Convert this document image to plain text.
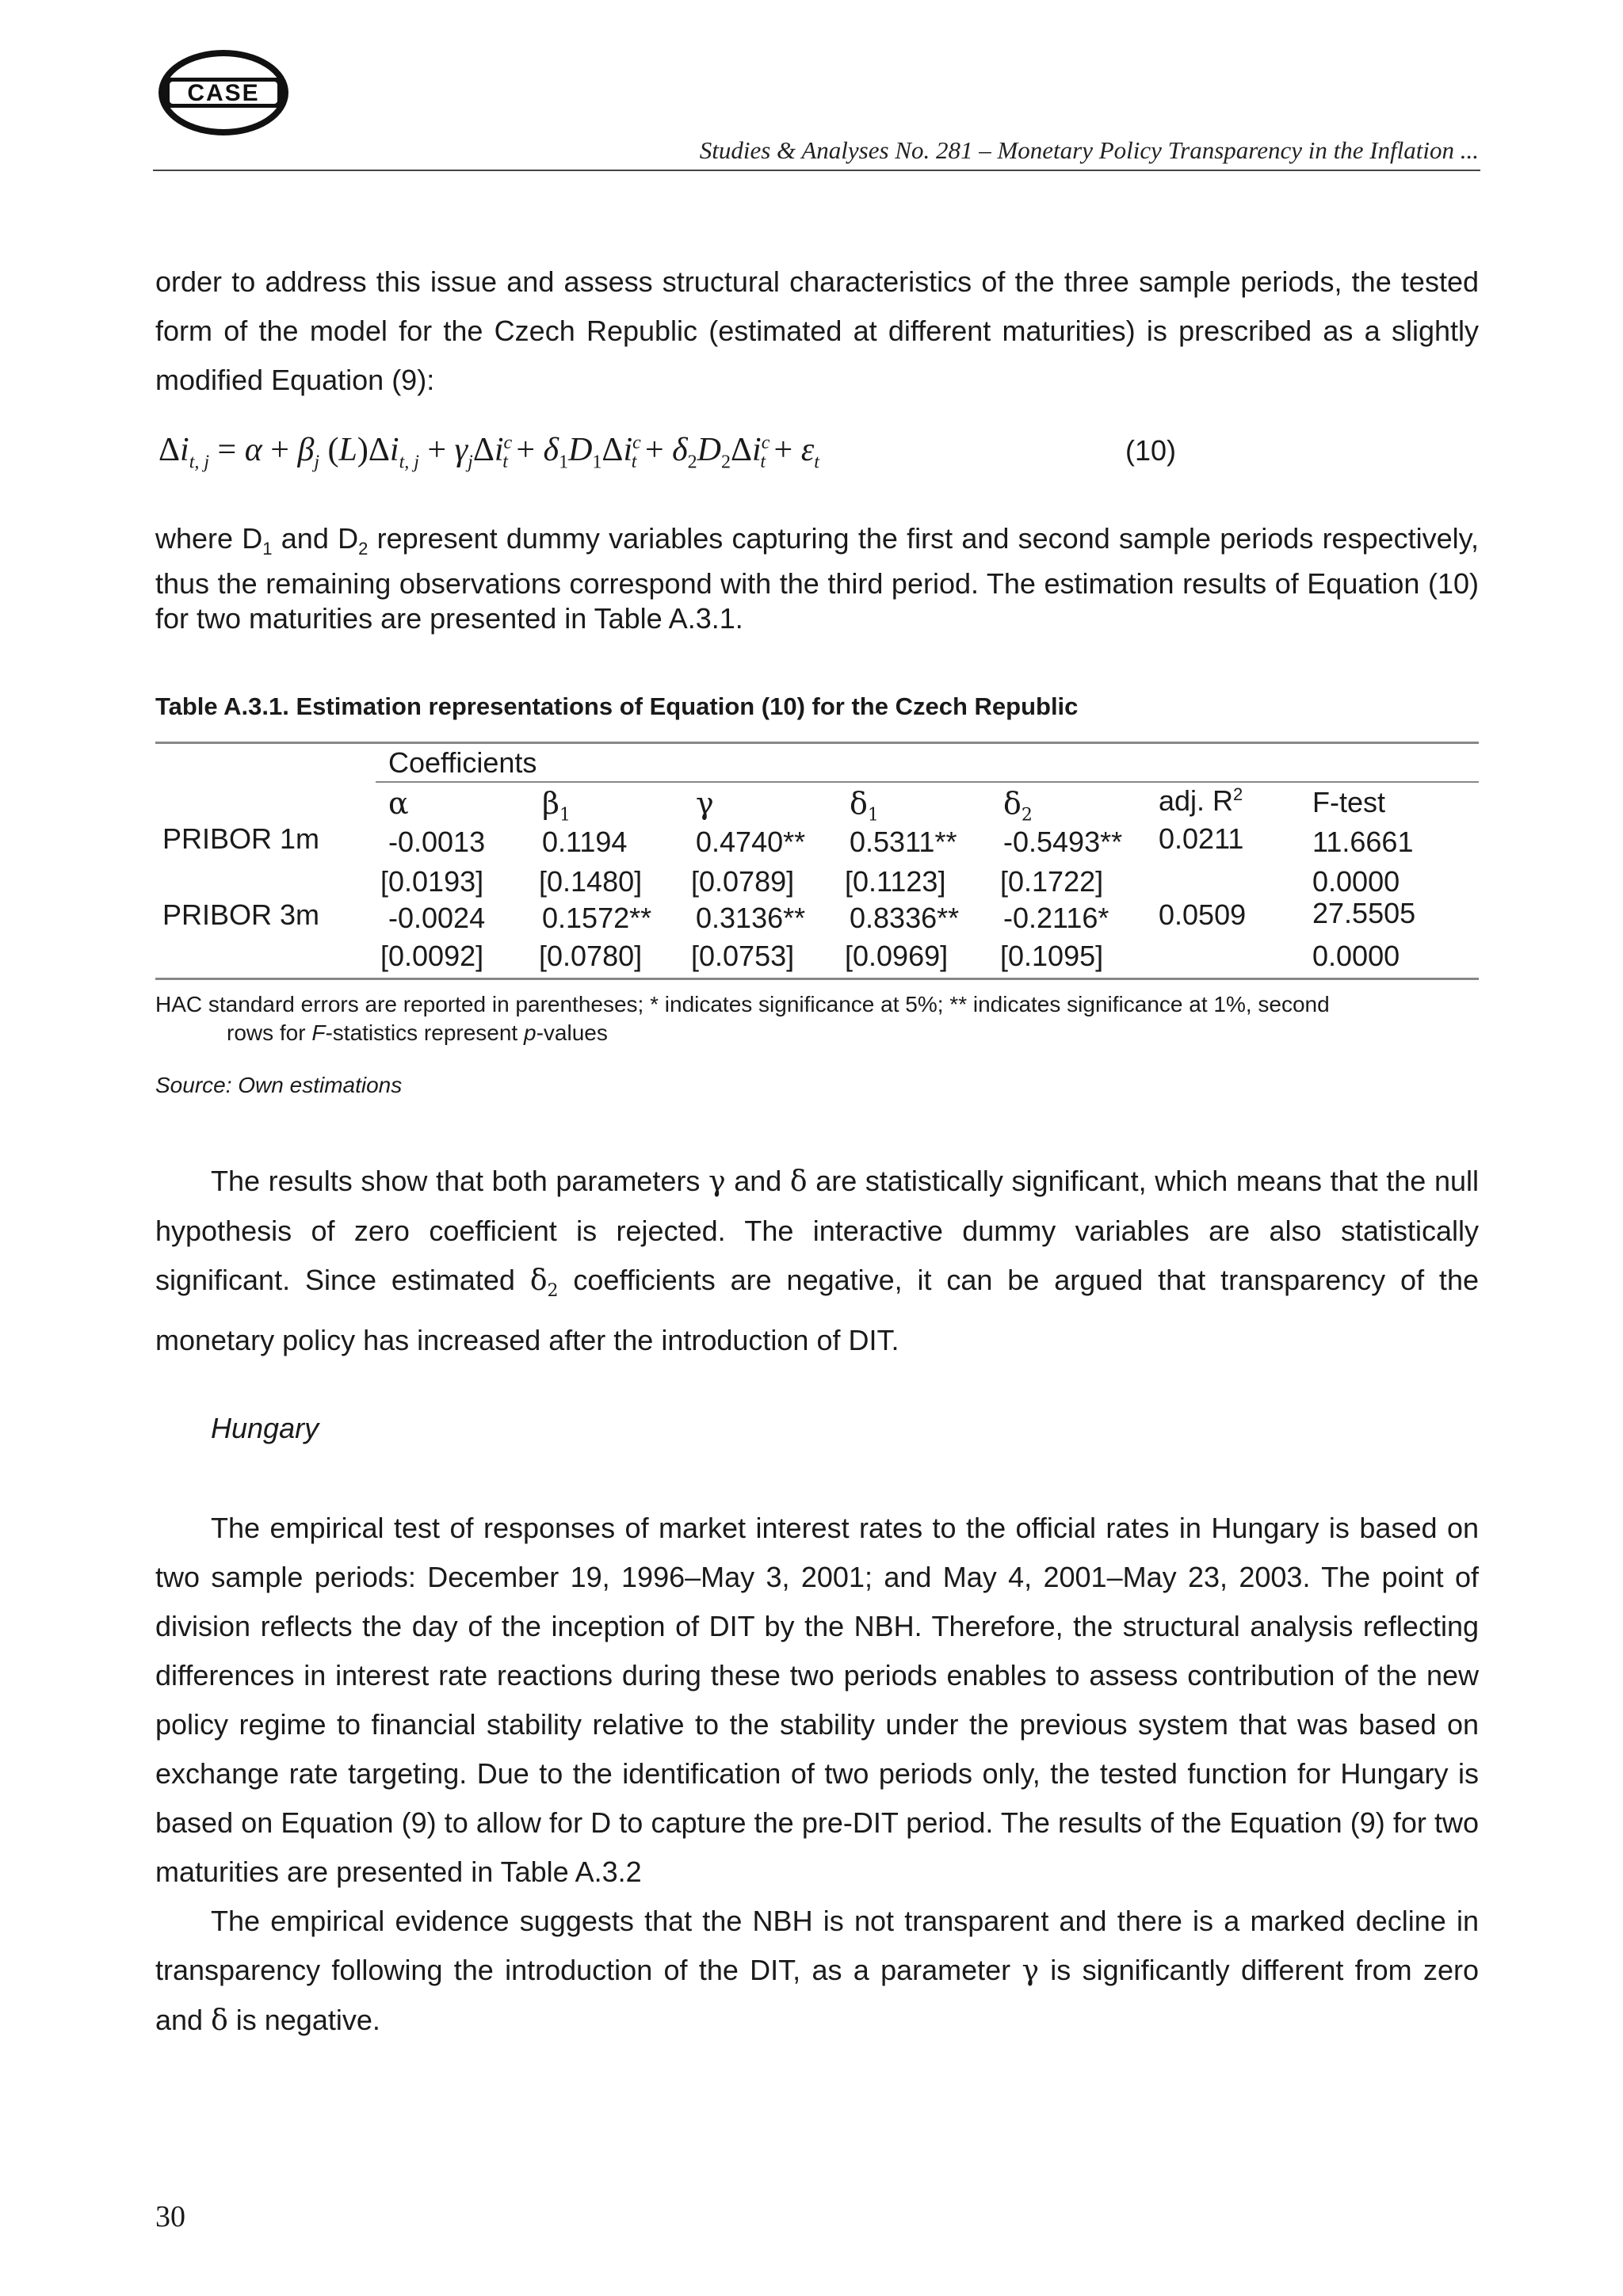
CASE
Studies & Analyses No. 281 – Monetary Policy Transparency in the Inflation ...
order to address this issue and assess structural characteristics of the three sample periods, the tested form of the model for the Czech Republic (estimated at different maturities) is prescribed as a slightly modified Equation (9):
$\Delta i_{t, j} = \alpha + \beta_j$ $(L)\Delta i_{t, j} + \gamma_j\Delta i^c_t + \delta_1D_1\Delta i^c_t + \delta_2D_2\Delta i^c_t + \varepsilon_t$	(10)
where $D_1$ and $D_2$ represent dummy variables capturing the first and second sample periods respectively, thus the remaining observations correspond with the third period. The estimation results of Equation (10) for two maturities are presented in Table A.3.1.
Table A.3.1. Estimation representations of Equation (10) for the Czech Republic
Coefficients
α	$\beta_1$	γ	$\delta_1$	$\delta_2$	adj. $R^2$ F-test
PRIBOR 1m -0.0013 0.1194 0.4740** 0.5311** -0.5493** 0.0211 11.6661
[0.0193] [0.1480] [0.0789] [0.1123] [0.1722]	0.0000
PRIBOR 3m -0.0024 0.1572** 0.3136** 0.8336** -0.2116* 0.0509 27.5505
[0.0092] [0.0780] [0.0753] [0.0969] [0.1095]	0.0000
HAC standard errors are reported in parentheses; * indicates significance at 5%; ** indicates significance at 1%, second
rows for F-statistics represent p-values
Source: Own estimations
The results show that both parameters γ and δ are statistically significant, which means that the null hypothesis of zero coefficient is rejected. The interactive dummy variables are also statistically significant. Since estimated $\delta_2$ coefficients are negative, it can be argued that transparency of the monetary policy has increased after the introduction of DIT.
Hungary
The empirical test of responses of market interest rates to the official rates in Hungary is based on two sample periods: December 19, 1996–May 3, 2001; and May 4, 2001–May 23, 2003. The point of division reflects the day of the inception of DIT by the NBH. Therefore, the structural analysis reflecting differences in interest rate reactions during these two periods enables to assess contribution of the new policy regime to financial stability relative to the stability under the previous system that was based on exchange rate targeting. Due to the identification of two periods only, the tested function for Hungary is based on Equation (9) to allow for D to capture the pre-DIT period. The results of the Equation (9) for two maturities are presented in Table A.3.2
The empirical evidence suggests that the NBH is not transparent and there is a marked decline in transparency following the introduction of the DIT, as a parameter γ is significantly different from zero and δ is negative.
30
